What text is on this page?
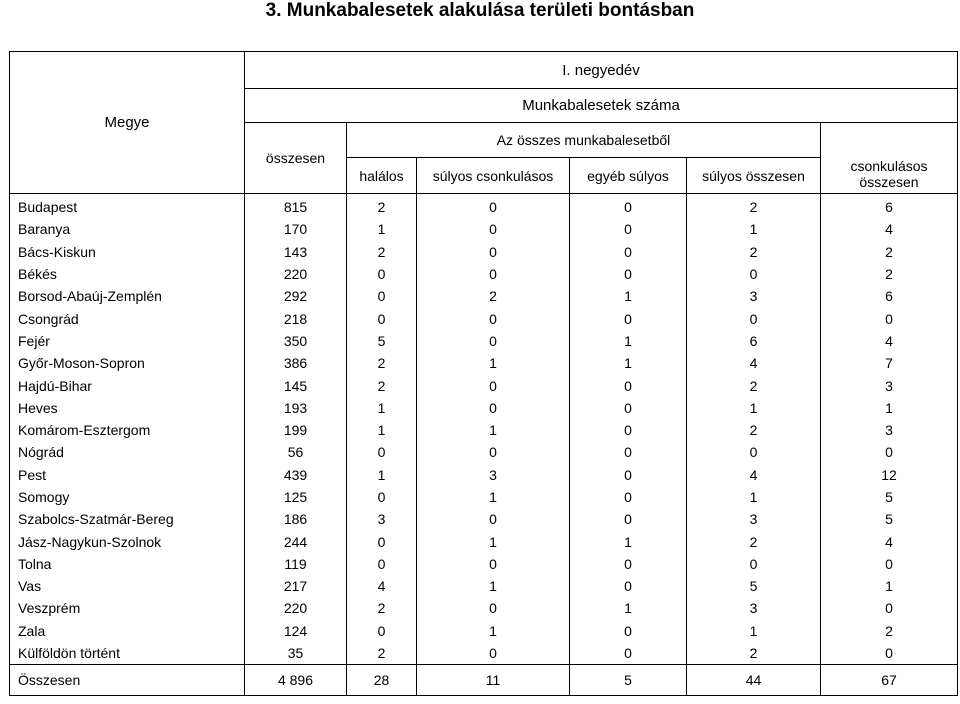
3. Munkabalesetek alakulása területi bontásban
Megye	I. negyedév					
	Munkabalesetek száma					
	összesen	Az összes munkabalesetből				csonkulásos összesen
		halálos	súlyos csonkulásos	egyéb súlyos	súlyos összesen	
Budapest	815	2	0	0	2	6
Baranya	170	1	0	0	1	4
Bács-Kiskun	143	2	0	0	2	2
Békés	220	0	0	0	0	2
Borsod-Abaúj-Zemplén	292	0	2	1	3	6
Csongrád	218	0	0	0	0	0
Fejér	350	5	0	1	6	4
Győr-Moson-Sopron	386	2	1	1	4	7
Hajdú-Bihar	145	2	0	0	2	3
Heves	193	1	0	0	1	1
Komárom-Esztergom	199	1	1	0	2	3
Nógrád	56	0	0	0	0	0
Pest	439	1	3	0	4	12
Somogy	125	0	1	0	1	5
Szabolcs-Szatmár-Bereg	186	3	0	0	3	5
Jász-Nagykun-Szolnok	244	0	1	1	2	4
Tolna	119	0	0	0	0	0
Vas	217	4	1	0	5	1
Veszprém	220	2	0	1	3	0
Zala	124	0	1	0	1	2
Külföldön történt	35	2	0	0	2	0
Összesen	4 896	28	11	5	44	67
